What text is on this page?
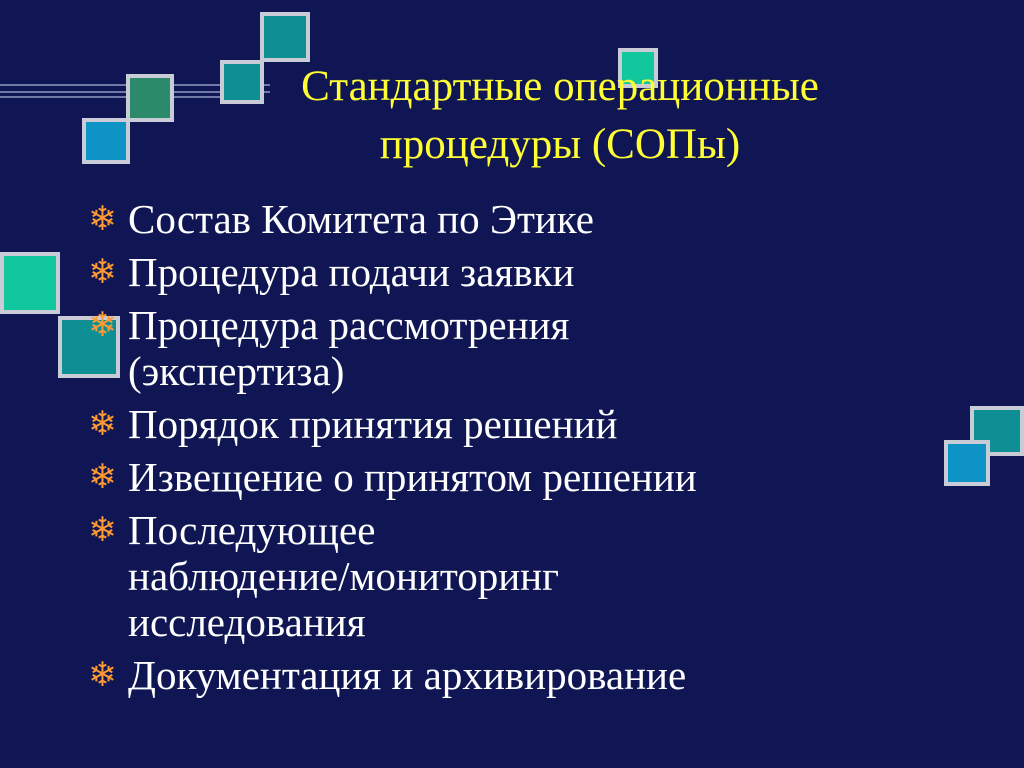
Стандартные операционные процедуры (СОПы)
❄ Состав Комитета по Этике
❄ Процедура подачи заявки
❄ Процедура рассмотрения
(экспертиза)
❄ Порядок принятия решений
❄ Извещение о принятом решении
❄ Последующее
наблюдение/мониторинг
исследования
❄ Документация и архивирование
